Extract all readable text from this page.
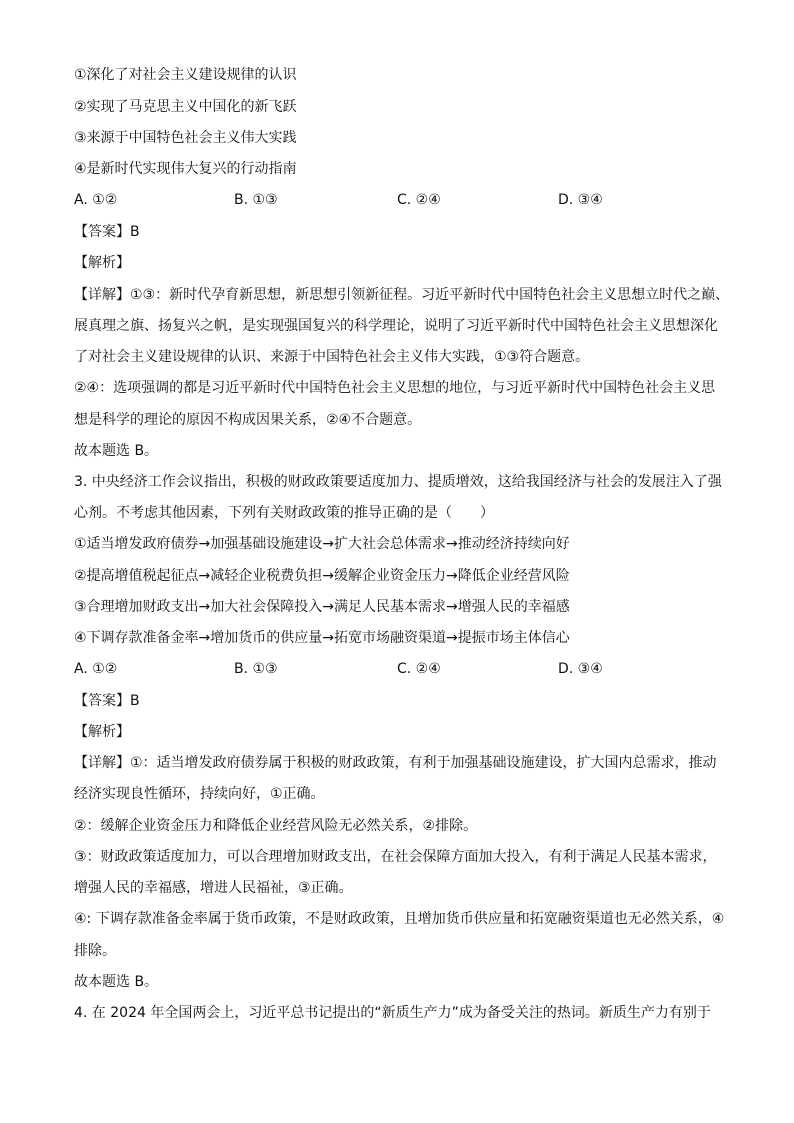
①深化了对社会主义建设规律的认识
②实现了马克思主义中国化的新飞跃
③来源于中国特色社会主义伟大实践
④是新时代实现伟大复兴的行动指南
A. ①②	B. ①③	C. ②④	D. ③④
【答案】B
【解析】
【详解】①③：新时代孕育新思想，新思想引领新征程。习近平新时代中国特色社会主义思想立时代之巅、
展真理之旗、扬复兴之帆，是实现强国复兴的科学理论，说明了习近平新时代中国特色社会主义思想深化
了对社会主义建设规律的认识、来源于中国特色社会主义伟大实践，①③符合题意。
②④：选项强调的都是习近平新时代中国特色社会主义思想的地位，与习近平新时代中国特色社会主义思
想是科学的理论的原因不构成因果关系，②④不合题意。
故本题选 B。
3. 中央经济工作会议指出，积极的财政政策要适度加力、提质增效，这给我国经济与社会的发展注入了强
心剂。不考虑其他因素，下列有关财政政策的推导正确的是（　　）
①适当增发政府债券→加强基础设施建设→扩大社会总体需求→推动经济持续向好
②提高增值税起征点→减轻企业税费负担→缓解企业资金压力→降低企业经营风险
③合理增加财政支出→加大社会保障投入→满足人民基本需求→增强人民的幸福感
④下调存款准备金率→增加货币的供应量→拓宽市场融资渠道→提振市场主体信心
A. ①②	B. ①③	C. ②④	D. ③④
【答案】B
【解析】
【详解】①：适当增发政府债券属于积极的财政政策，有利于加强基础设施建设，扩大国内总需求，推动
经济实现良性循环，持续向好，①正确。
②：缓解企业资金压力和降低企业经营风险无必然关系，②排除。
③：财政政策适度加力，可以合理增加财政支出，在社会保障方面加大投入，有利于满足人民基本需求，
增强人民的幸福感，增进人民福祉，③正确。
④: 下调存款准备金率属于货币政策，不是财政政策，且增加货币供应量和拓宽融资渠道也无必然关系，④
排除。
故本题选 B。
4. 在 2024 年全国两会上，习近平总书记提出的“新质生产力”成为备受关注的热词。新质生产力有别于
